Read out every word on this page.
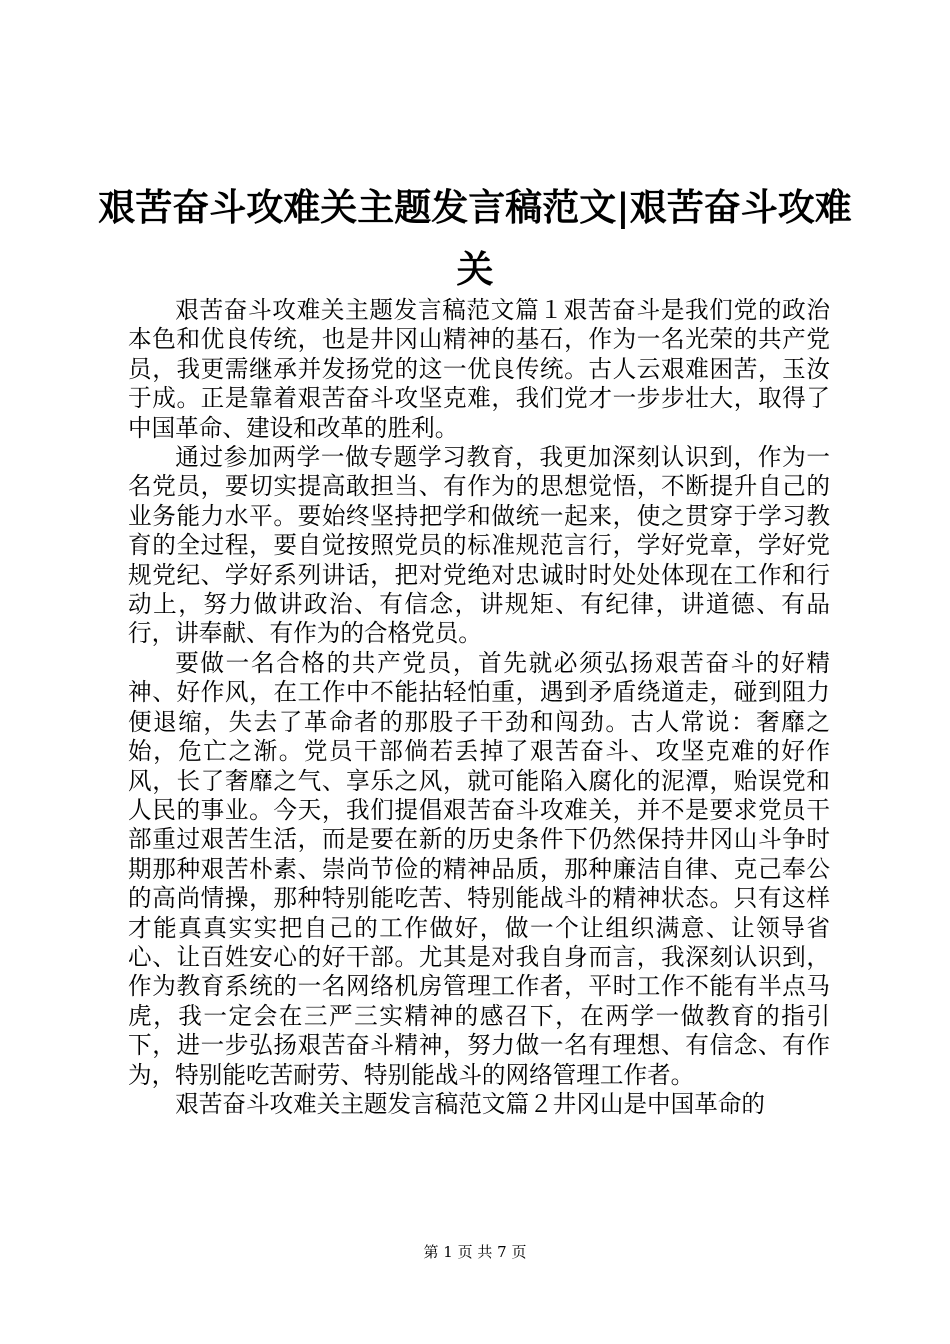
艰苦奋斗攻难关主题发言稿范文|艰苦奋斗攻难关

艰苦奋斗攻难关主题发言稿范文篇１艰苦奋斗是我们党的政治本色和优良传统，也是井冈山精神的基石，作为一名光荣的共产党员，我更需继承并发扬党的这一优良传统。古人云艰难困苦，玉汝于成。正是靠着艰苦奋斗攻坚克难，我们党才一步步壮大，取得了中国革命、建设和改革的胜利。

通过参加两学一做专题学习教育，我更加深刻认识到，作为一名党员，要切实提高敢担当、有作为的思想觉悟，不断提升自己的业务能力水平。要始终坚持把学和做统一起来，使之贯穿于学习教育的全过程，要自觉按照党员的标准规范言行，学好党章，学好党规党纪、学好系列讲话，把对党绝对忠诚时时处处体现在工作和行动上，努力做讲政治、有信念，讲规矩、有纪律，讲道德、有品行，讲奉献、有作为的合格党员。

要做一名合格的共产党员，首先就必须弘扬艰苦奋斗的好精神、好作风，在工作中不能拈轻怕重，遇到矛盾绕道走，碰到阻力便退缩，失去了革命者的那股子干劲和闯劲。古人常说：奢靡之始，危亡之渐。党员干部倘若丢掉了艰苦奋斗、攻坚克难的好作风，长了奢靡之气、享乐之风，就可能陷入腐化的泥潭，贻误党和人民的事业。今天，我们提倡艰苦奋斗攻难关，并不是要求党员干部重过艰苦生活，而是要在新的历史条件下仍然保持井冈山斗争时期那种艰苦朴素、崇尚节俭的精神品质，那种廉洁自律、克己奉公的高尚情操，那种特别能吃苦、特别能战斗的精神状态。只有这样才能真真实实把自己的工作做好，做一个让组织满意、让领导省心、让百姓安心的好干部。尤其是对我自身而言，我深刻认识到，作为教育系统的一名网络机房管理工作者，平时工作不能有半点马虎，我一定会在三严三实精神的感召下，在两学一做教育的指引下，进一步弘扬艰苦奋斗精神，努力做一名有理想、有信念、有作为，特别能吃苦耐劳、特别能战斗的网络管理工作者。

艰苦奋斗攻难关主题发言稿范文篇２井冈山是中国革命的

第 1 页 共 7 页
